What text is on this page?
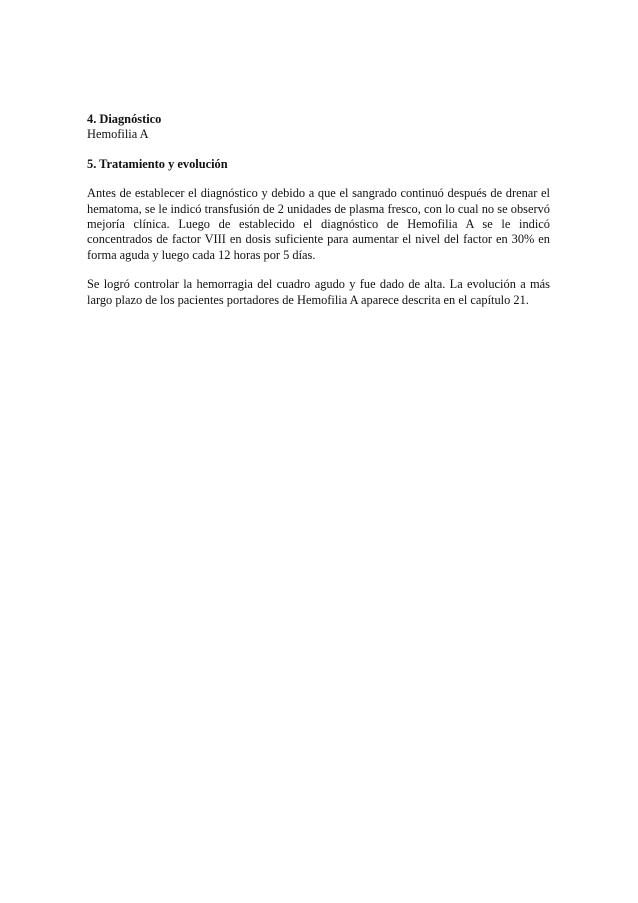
4. Diagnóstico

Hemofilia A

5. Tratamiento y evolución

Antes de establecer el diagnóstico y debido a que el sangrado continuó después de drenar el hematoma, se le indicó transfusión de 2 unidades de plasma fresco, con lo cual no se observó mejoría clínica. Luego de establecido el diagnóstico de Hemofilia A se le indicó concentrados de factor VIII en dosis suficiente para aumentar el nivel del factor en 30% en forma aguda y luego cada 12 horas por 5 días.

Se logró controlar la hemorragia del cuadro agudo y fue dado de alta. La evolución a más largo plazo de los pacientes portadores de Hemofilia A aparece descrita en el capítulo 21.
